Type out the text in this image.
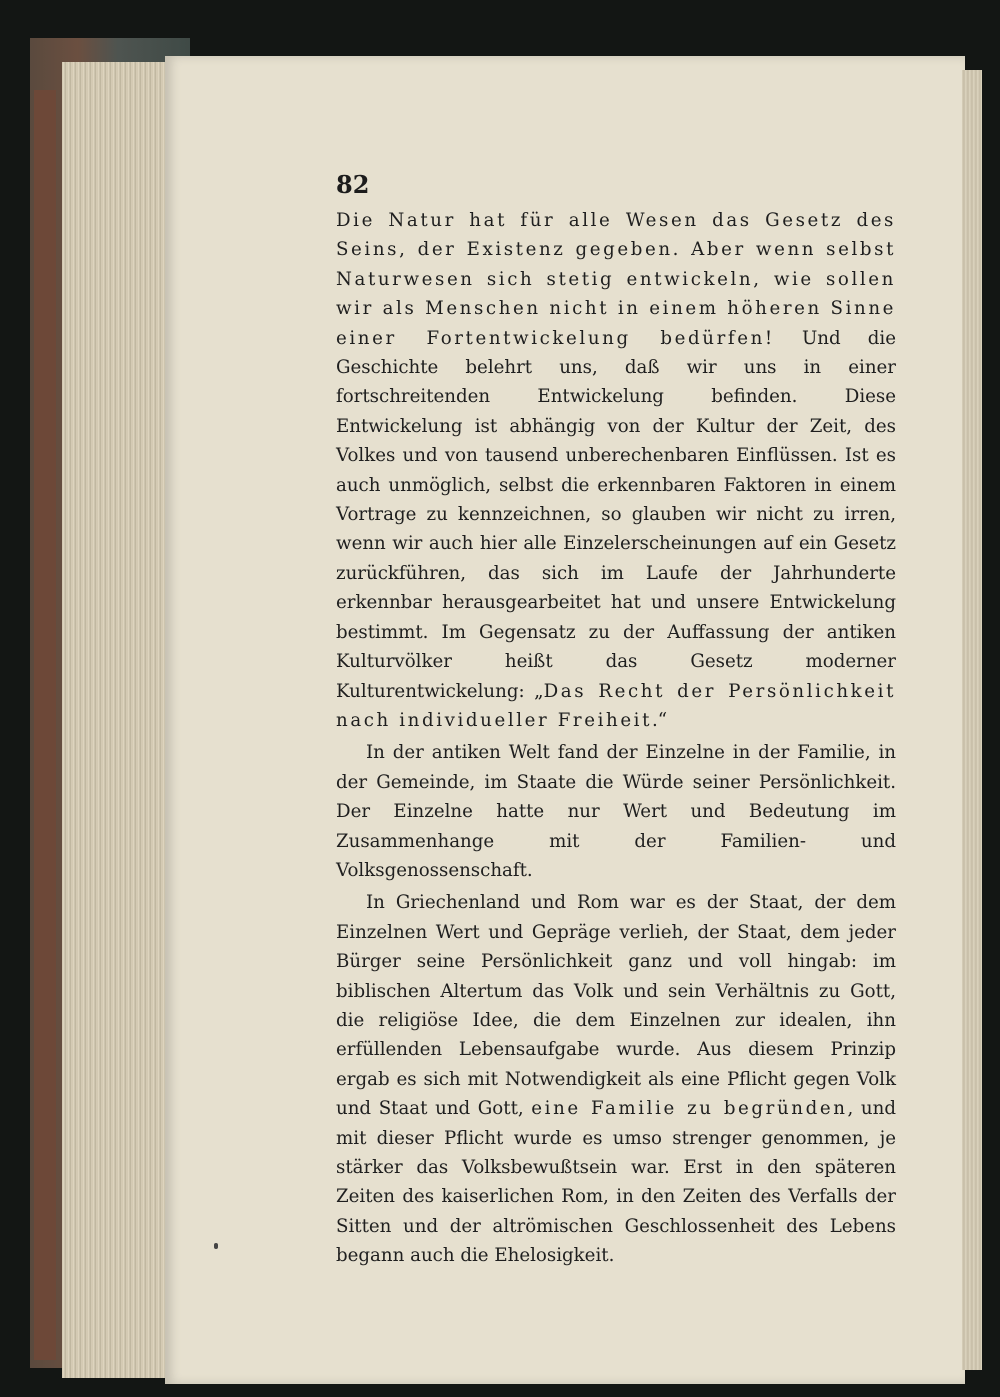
82

Die Natur hat für alle Wesen das Gesetz des Seins, der Existenz gegeben. Aber wenn selbst Naturwesen sich stetig entwickeln, wie sollen wir als Menschen nicht in einem höheren Sinne einer Fortentwickelung bedürfen! Und die Geschichte belehrt uns, daß wir uns in einer fortschreitenden Entwickelung befinden. Diese Entwickelung ist abhängig von der Kultur der Zeit, des Volkes und von tausend unberechenbaren Einflüssen. Ist es auch unmöglich, selbst die erkennbaren Faktoren in einem Vortrage zu kennzeichnen, so glauben wir nicht zu irren, wenn wir auch hier alle Einzelerscheinungen auf ein Gesetz zurückführen, das sich im Laufe der Jahrhunderte erkennbar herausgearbeitet hat und unsere Entwickelung bestimmt. Im Gegensatz zu der Auffassung der antiken Kulturvölker heißt das Gesetz moderner Kulturentwickelung: „Das Recht der Persönlichkeit nach individueller Freiheit.“

In der antiken Welt fand der Einzelne in der Familie, in der Gemeinde, im Staate die Würde seiner Persönlichkeit. Der Einzelne hatte nur Wert und Bedeutung im Zusammenhange mit der Familien- und Volksgenossenschaft.

In Griechenland und Rom war es der Staat, der dem Einzelnen Wert und Gepräge verlieh, der Staat, dem jeder Bürger seine Persönlichkeit ganz und voll hingab: im biblischen Altertum das Volk und sein Verhältnis zu Gott, die religiöse Idee, die dem Einzelnen zur idealen, ihn erfüllenden Lebensaufgabe wurde. Aus diesem Prinzip ergab es sich mit Notwendigkeit als eine Pflicht gegen Volk und Staat und Gott, eine Familie zu begründen, und mit dieser Pflicht wurde es umso strenger genommen, je stärker das Volksbewußtsein war. Erst in den späteren Zeiten des kaiserlichen Rom, in den Zeiten des Verfalls der Sitten und der altrömischen Geschlossenheit des Lebens begann auch die Ehelosigkeit.
